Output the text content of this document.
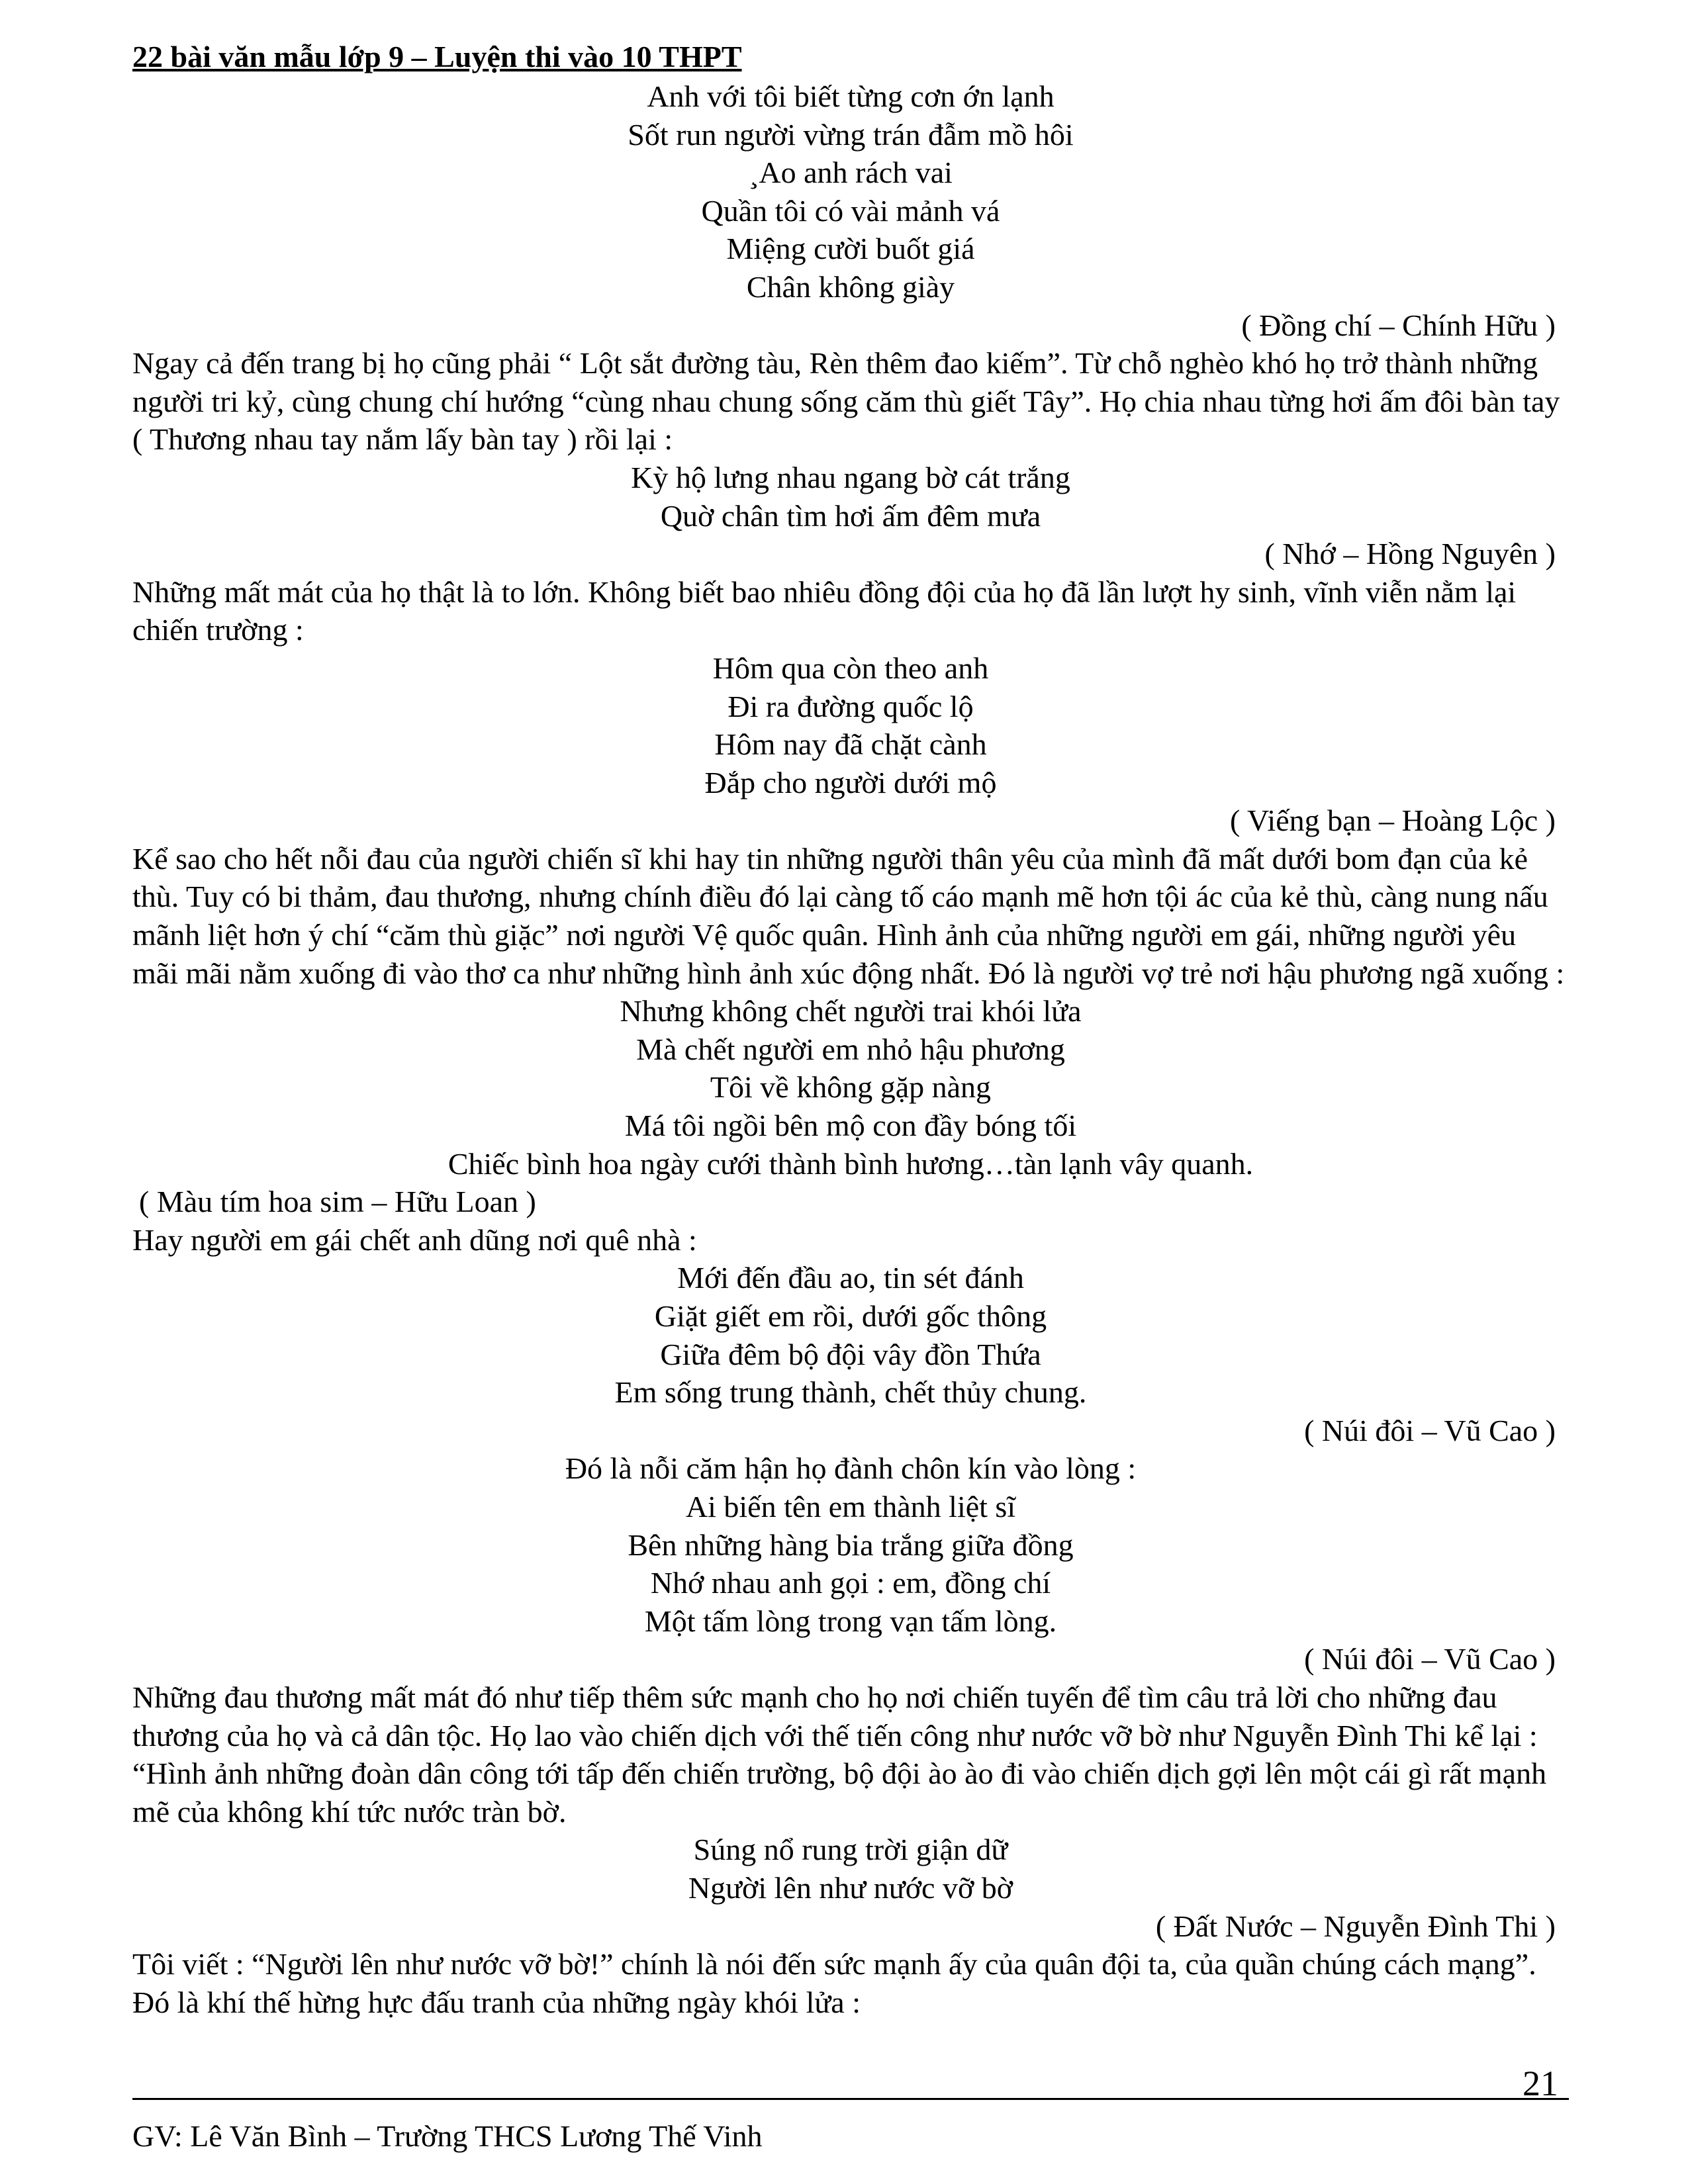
22 bài văn mẫu lớp 9 – Luyện thi vào 10 THPT
Anh với tôi biết từng cơn ớn lạnh
Sốt run người vừng trán đẫm mồ hôi
¸Ao anh rách vai
Quần tôi có vài mảnh vá
Miệng cười buốt giá
Chân không giày
( Đồng chí – Chính Hữu )
Ngay cả đến trang bị họ cũng phải “ Lột sắt đường tàu, Rèn thêm đao kiếm”. Từ chỗ nghèo khó họ trở thành những người tri kỷ, cùng chung chí hướng “cùng nhau chung sống căm thù giết Tây”. Họ chia nhau từng hơi ấm đôi bàn tay ( Thương nhau tay nắm lấy bàn tay ) rồi lại :
Kỳ hộ lưng nhau ngang bờ cát trắng
Quờ chân tìm hơi ấm đêm mưa
( Nhớ – Hồng Nguyên )
Những mất mát của họ thật là to lớn. Không biết bao nhiêu đồng đội của họ đã lần lượt hy sinh, vĩnh viễn nằm lại chiến trường :
Hôm qua còn theo anh
Đi ra đường quốc lộ
Hôm nay đã chặt cành
Đắp cho người dưới mộ
( Viếng bạn – Hoàng Lộc )
Kể sao cho hết nỗi đau của người chiến sĩ khi hay tin những người thân yêu của mình đã mất dưới bom đạn của kẻ thù. Tuy có bi thảm, đau thương, nhưng chính điều đó lại càng tố cáo mạnh mẽ hơn tội ác của kẻ thù, càng nung nấu mãnh liệt hơn ý chí “căm thù giặc” nơi người Vệ quốc quân. Hình ảnh của những người em gái, những người yêu mãi mãi nằm xuống đi vào thơ ca như những hình ảnh xúc động nhất. Đó là người vợ trẻ nơi hậu phương ngã xuống :
Nhưng không chết người trai khói lửa
Mà chết người em nhỏ hậu phương
Tôi về không gặp nàng
Má tôi ngồi bên mộ con đầy bóng tối
Chiếc bình hoa ngày cưới thành bình hương…tàn lạnh vây quanh.
( Màu tím hoa sim – Hữu Loan )
Hay người em gái chết anh dũng nơi quê nhà :
Mới đến đầu ao, tin sét đánh
Giặt giết em rồi, dưới gốc thông
Giữa đêm bộ đội vây đồn Thứa
Em sống trung thành, chết thủy chung.
( Núi đôi – Vũ Cao )
Đó là nỗi căm hận họ đành chôn kín vào lòng :
Ai biến tên em thành liệt sĩ
Bên những hàng bia trắng giữa đồng
Nhớ nhau anh gọi : em, đồng chí
Một tấm lòng trong vạn tấm lòng.
( Núi đôi – Vũ Cao )
Những đau thương mất mát đó như tiếp thêm sức mạnh cho họ nơi chiến tuyến để tìm câu trả lời cho những đau thương của họ và cả dân tộc. Họ lao vào chiến dịch với thế tiến công như nước vỡ bờ như Nguyễn Đình Thi kể lại : “Hình ảnh những đoàn dân công tới tấp đến chiến trường, bộ đội ào ào đi vào chiến dịch gợi lên một cái gì rất mạnh mẽ của không khí tức nước tràn bờ.
Súng nổ rung trời giận dữ
Người lên như nước vỡ bờ
( Đất Nước – Nguyễn Đình Thi )
Tôi viết : “Người lên như nước vỡ bờ!” chính là nói đến sức mạnh ấy của quân đội ta, của quần chúng cách mạng”. Đó là khí thế hừng hực đấu tranh của những ngày khói lửa :
21
GV: Lê Văn Bình – Trường THCS Lương Thế Vinh
